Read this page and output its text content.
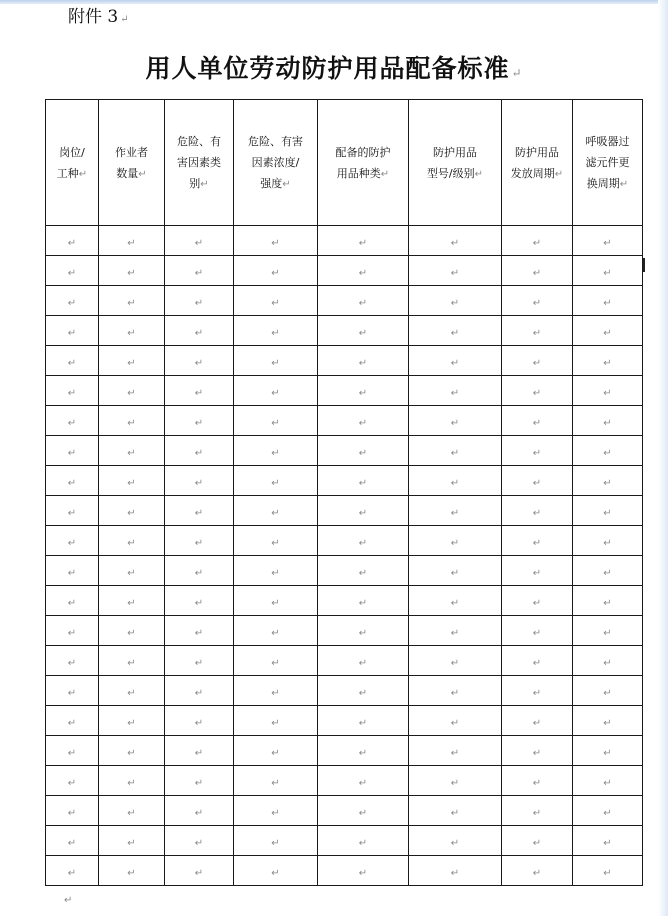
附件 3 ↵
用人单位劳动防护用品配备标准 ↵
岗位/
工种↵	作业者
数量↵	危险、有
害因素类
别↵	危险、有害
因素浓度/
强度↵	配备的防护
用品种类↵	防护用品
型号/级别↵	防护用品
发放周期↵	呼吸器过
滤元件更
换周期↵

↵	↵	↵	↵	↵	↵	↵	↵
↵	↵	↵	↵	↵	↵	↵	↵
↵	↵	↵	↵	↵	↵	↵	↵
↵	↵	↵	↵	↵	↵	↵	↵
↵	↵	↵	↵	↵	↵	↵	↵
↵	↵	↵	↵	↵	↵	↵	↵
↵	↵	↵	↵	↵	↵	↵	↵
↵	↵	↵	↵	↵	↵	↵	↵
↵	↵	↵	↵	↵	↵	↵	↵
↵	↵	↵	↵	↵	↵	↵	↵
↵	↵	↵	↵	↵	↵	↵	↵
↵	↵	↵	↵	↵	↵	↵	↵
↵	↵	↵	↵	↵	↵	↵	↵
↵	↵	↵	↵	↵	↵	↵	↵
↵	↵	↵	↵	↵	↵	↵	↵
↵	↵	↵	↵	↵	↵	↵	↵
↵	↵	↵	↵	↵	↵	↵	↵
↵	↵	↵	↵	↵	↵	↵	↵
↵	↵	↵	↵	↵	↵	↵	↵
↵	↵	↵	↵	↵	↵	↵	↵
↵	↵	↵	↵	↵	↵	↵	↵
↵	↵	↵	↵	↵	↵	↵	↵
↵
